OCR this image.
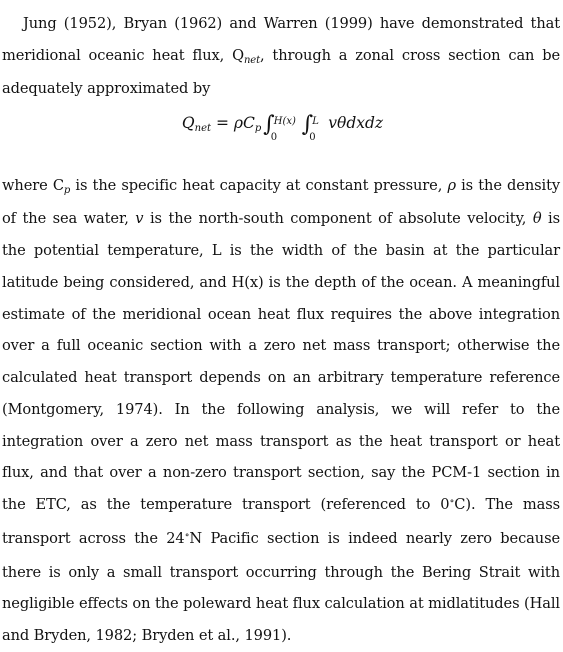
Jung (1952), Bryan (1962) and Warren (1999) have demonstrated that meridional oceanic heat flux, $Q_{net}$, through a zonal cross section can be adequately approximated by

Qnet = ρCp∫ H(x)
0
∫ L
0
vθdxdz

where $C_p$ is the specific heat capacity at constant pressure, ρ is the density of the sea water, v is the north-south component of absolute velocity, θ is the potential temperature, L is the width of the basin at the particular latitude being considered, and H(x) is the depth of the ocean. A meaningful estimate of the meridional ocean heat flux requires the above integration over a full oceanic section with a zero net mass transport; otherwise the calculated heat transport depends on an arbitrary temperature reference (Montgomery, 1974). In the following analysis, we will refer to the integration over a zero net mass transport as the heat transport or heat flux, and that over a non-zero transport section, say the PCM-1 section in the ETC, as the temperature transport (referenced to 0∘C). The mass transport across the 24∘N Pacific section is indeed nearly zero because there is only a small transport occurring through the Bering Strait with negligible effects on the poleward heat flux calculation at midlatitudes (Hall and Bryden, 1982; Bryden et al., 1991).
